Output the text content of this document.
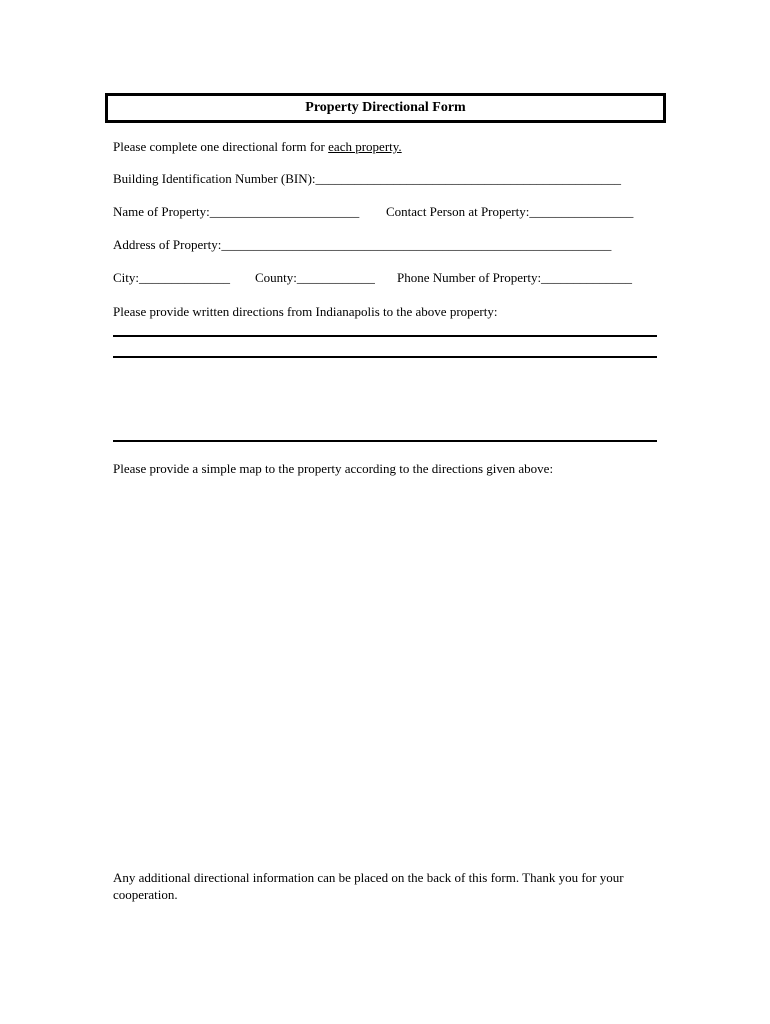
Property Directional Form
Please complete one directional form for each property.
Building Identification Number (BIN):_______________________________________________
Name of Property:_______________________ Contact Person at Property:________________
Address of Property:____________________________________________________________
City:______________ County:____________ Phone Number of Property:______________
Please provide written directions from Indianapolis to the above property:
Please provide a simple map to the property according to the directions given above:
Any additional directional information can be placed on the back of this form. Thank you for your cooperation.
